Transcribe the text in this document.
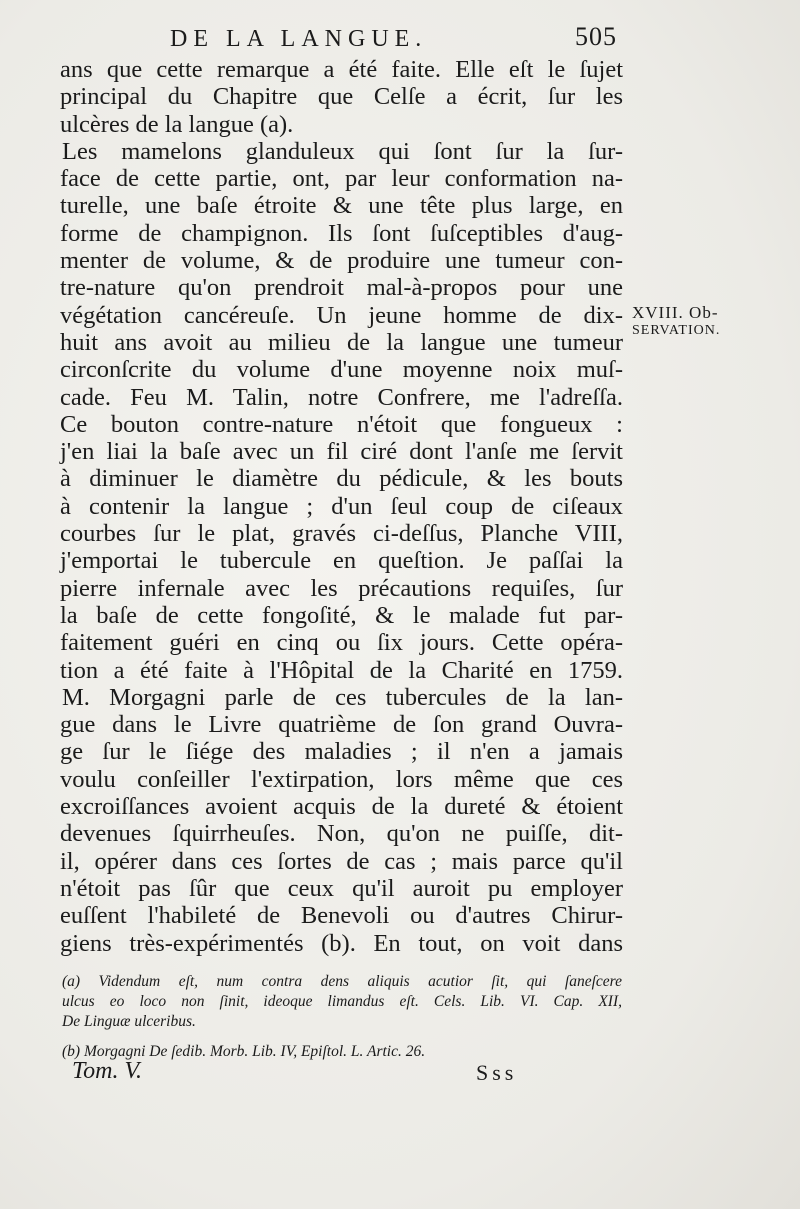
DE LA LANGUE.	505
ans que cette remarque a été faite. Elle eſt le ſujet
principal du Chapitre que Celſe a écrit, ſur les
ulcères de la langue (a).
Les mamelons glanduleux qui ſont ſur la ſur-
face de cette partie, ont, par leur conformation na-
turelle, une baſe étroite & une tête plus large, en
forme de champignon. Ils ſont ſuſceptibles d'aug-
menter de volume, & de produire une tumeur con-
tre-nature qu'on prendroit mal-à-propos pour une
végétation cancéreuſe. Un jeune homme de dix-
huit ans avoit au milieu de la langue une tumeur
circonſcrite du volume d'une moyenne noix muſ-
cade. Feu M. Talin, notre Confrere, me l'adreſſa.
Ce bouton contre-nature n'étoit que fongueux :
j'en liai la baſe avec un fil ciré dont l'anſe me ſervit
à diminuer le diamètre du pédicule, & les bouts
à contenir la langue ; d'un ſeul coup de ciſeaux
courbes ſur le plat, gravés ci-deſſus, Planche VIII,
j'emportai le tubercule en queſtion. Je paſſai la
pierre infernale avec les précautions requiſes, ſur
la baſe de cette fongoſité, & le malade fut par-
faitement guéri en cinq ou ſix jours. Cette opéra-
tion a été faite à l'Hôpital de la Charité en 1759.
M. Morgagni parle de ces tubercules de la lan-
gue dans le Livre quatrième de ſon grand Ouvra-
ge ſur le ſiége des maladies ; il n'en a jamais
voulu conſeiller l'extirpation, lors même que ces
excroiſſances avoient acquis de la dureté & étoient
devenues ſquirrheuſes. Non, qu'on ne puiſſe, dit-
il, opérer dans ces ſortes de cas ; mais parce qu'il
n'étoit pas ſûr que ceux qu'il auroit pu employer
euſſent l'habileté de Benevoli ou d'autres Chirur-
giens très-expérimentés (b). En tout, on voit dans
XVIII. Ob-
SERVATION.
(a) Videndum eſt, num contra dens aliquis acutior ſit, qui ſaneſcere
ulcus eo loco non ſinit, ideoque limandus eſt. Cels. Lib. VI. Cap. XII,
De Linguæ ulceribus.
(b) Morgagni De ſedib. Morb. Lib. IV, Epiſtol. L. Artic. 26.
Tom. V.	Sss
